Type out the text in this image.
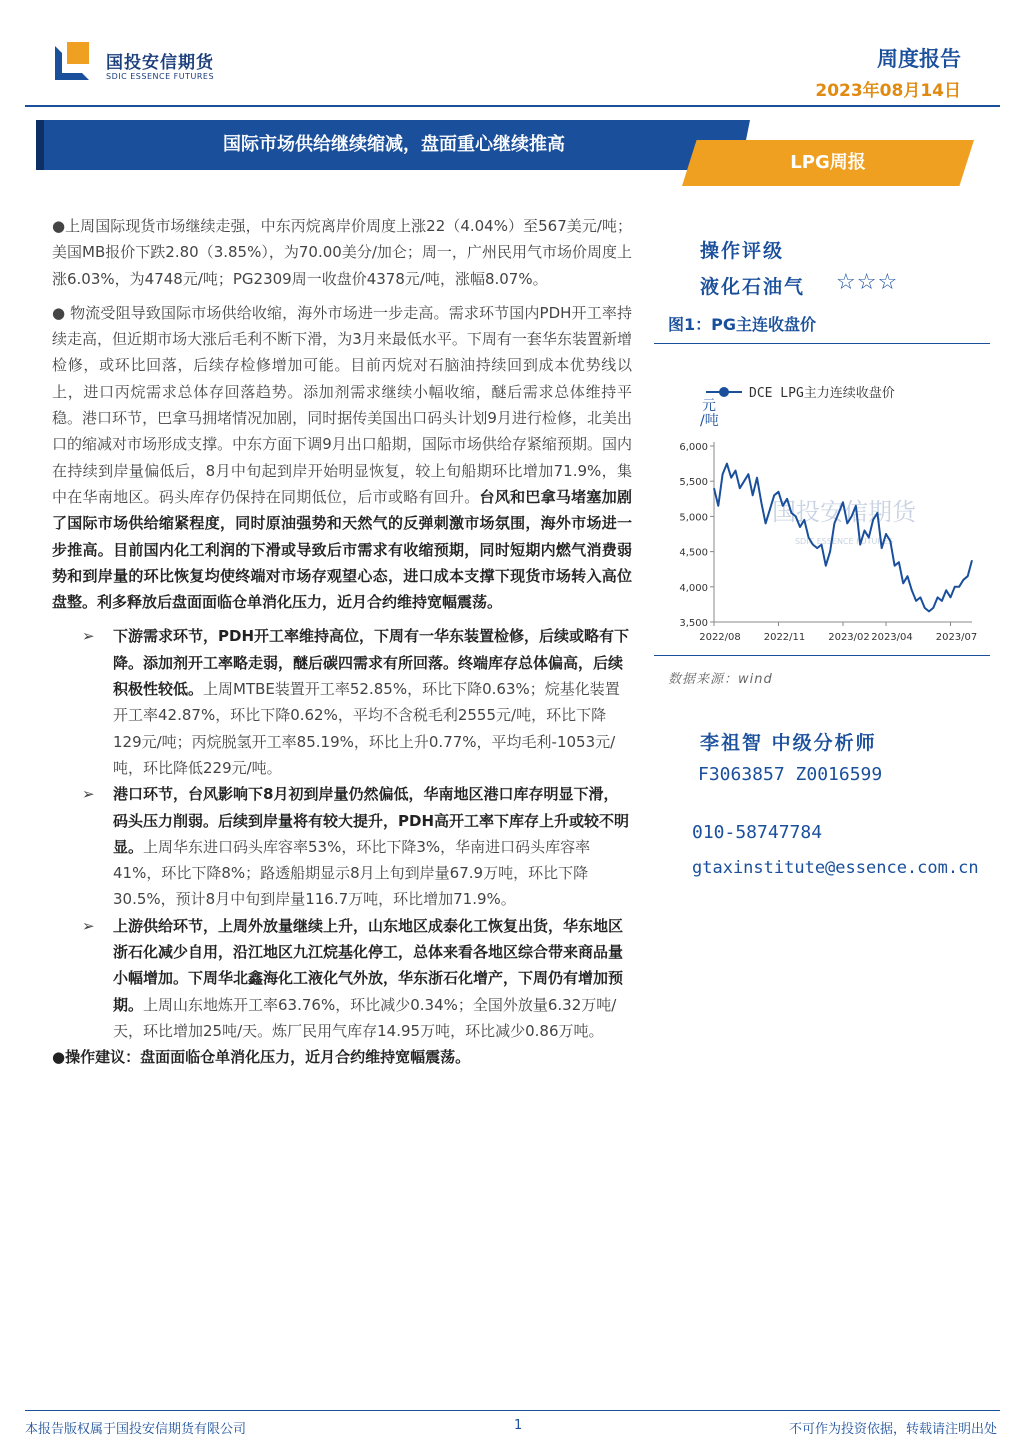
国投安信期货
SDIC ESSENCE FUTURES
周度报告
2023年08月14日
国际市场供给继续缩减，盘面重心继续推高
LPG周报

●上周国际现货市场继续走强，中东丙烷离岸价周度上涨22（4.04%）至567美元/吨；美国MB报价下跌2.80（3.85%），为70.00美分/加仑；周一，广州民用气市场价周度上涨6.03%，为4748元/吨；PG2309周一收盘价4378元/吨，涨幅8.07%。

● 物流受阻导致国际市场供给收缩，海外市场进一步走高。需求环节国内PDH开工率持续走高，但近期市场大涨后毛利不断下滑，为3月来最低水平。下周有一套华东装置新增检修，或环比回落，后续存检修增加可能。目前丙烷对石脑油持续回到成本优势线以上，进口丙烷需求总体存回落趋势。添加剂需求继续小幅收缩，醚后需求总体维持平稳。港口环节，巴拿马拥堵情况加剧，同时据传美国出口码头计划9月进行检修，北美出口的缩减对市场形成支撑。中东方面下调9月出口船期，国际市场供给存紧缩预期。国内在持续到岸量偏低后，8月中旬起到岸开始明显恢复，较上旬船期环比增加71.9%，集中在华南地区。码头库存仍保持在同期低位，后市或略有回升。台风和巴拿马堵塞加剧了国际市场供给缩紧程度，同时原油强势和天然气的反弹刺激市场氛围，海外市场进一步推高。目前国内化工利润的下滑或导致后市需求有收缩预期，同时短期内燃气消费弱势和到岸量的环比恢复均使终端对市场存观望心态，进口成本支撑下现货市场转入高位盘整。利多释放后盘面面临仓单消化压力，近月合约维持宽幅震荡。

➢ 下游需求环节，PDH开工率维持高位，下周有一华东装置检修，后续或略有下降。添加剂开工率略走弱，醚后碳四需求有所回落。终端库存总体偏高，后续积极性较低。上周MTBE装置开工率52.85%，环比下降0.63%；烷基化装置开工率42.87%，环比下降0.62%，平均不含税毛利2555元/吨，环比下降129元/吨；丙烷脱氢开工率85.19%，环比上升0.77%，平均毛利-1053元/吨，环比降低229元/吨。
➢ 港口环节，台风影响下8月初到岸量仍然偏低，华南地区港口库存明显下滑，码头压力削弱。后续到岸量将有较大提升，PDH高开工率下库存上升或较不明显。上周华东进口码头库容率53%，环比下降3%，华南进口码头库容率41%，环比下降8%；路透船期显示8月上旬到岸量67.9万吨，环比下降30.5%，预计8月中旬到岸量116.7万吨，环比增加71.9%。
➢ 上游供给环节，上周外放量继续上升，山东地区成泰化工恢复出货，华东地区浙石化减少自用，沿江地区九江烷基化停工，总体来看各地区综合带来商品量小幅增加。下周华北鑫海化工液化气外放，华东浙石化增产，下周仍有增加预期。上周山东地炼开工率63.76%，环比减少0.34%；全国外放量6.32万吨/天，环比增加25吨/天。炼厂民用气库存14.95万吨，环比减少0.86万吨。

●操作建议：盘面面临仓单消化压力，近月合约维持宽幅震荡。

操作评级
液化石油气 ☆☆☆
图1：PG主连收盘价
国投安信期货
SDIC ESSENCE FUTURES
DCE LPG主力连续收盘价
元
/吨
3,500
4,000
4,500
5,000
5,500
6,000
2022/08 2022/11 2023/02 2023/04 2023/07
数据来源：wind
李祖智 中级分析师
F3063857 Z0016599
010-58747784
gtaxinstitute@essence.com.cn
本报告版权属于国投安信期货有限公司	1	不可作为投资依据，转载请注明出处
